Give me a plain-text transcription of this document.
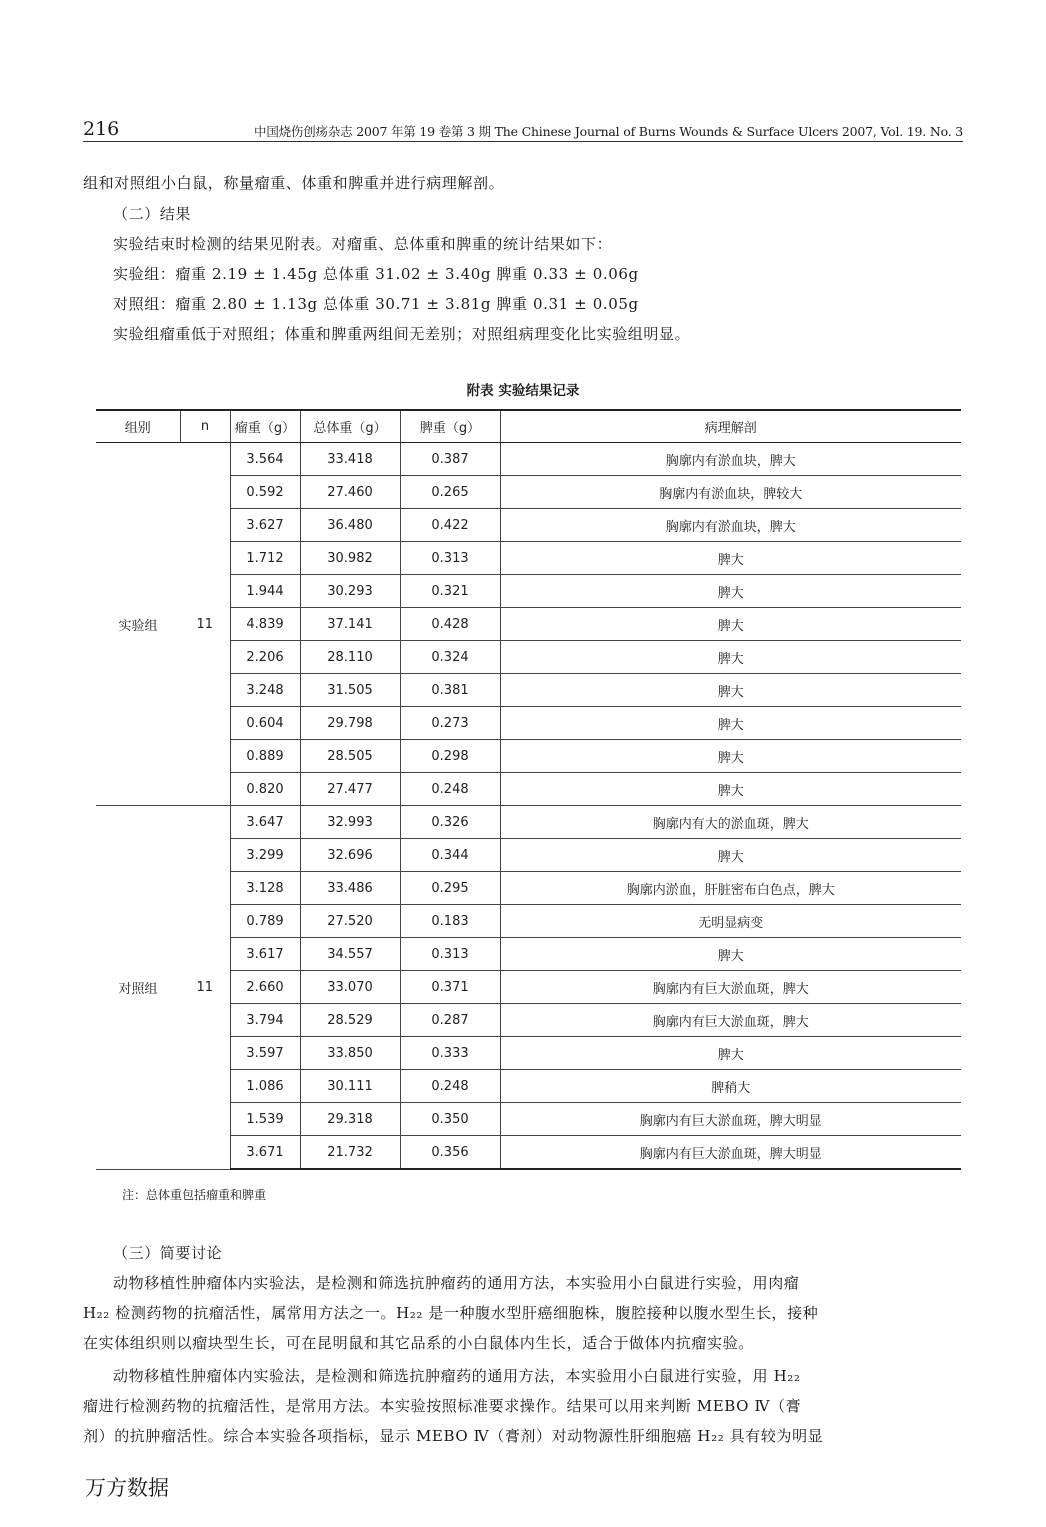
216	中国烧伤创疡杂志 2007 年第 19 卷第 3 期 The Chinese Journal of Burns Wounds & Surface Ulcers 2007, Vol. 19. No. 3
组和对照组小白鼠，称量瘤重、体重和脾重并进行病理解剖。
（二）结果
实验结束时检测的结果见附表。对瘤重、总体重和脾重的统计结果如下：
实验组：瘤重 2.19 ± 1.45g 总体重 31.02 ± 3.40g 脾重 0.33 ± 0.06g
对照组：瘤重 2.80 ± 1.13g 总体重 30.71 ± 3.81g 脾重 0.31 ± 0.05g
实验组瘤重低于对照组；体重和脾重两组间无差别；对照组病理变化比实验组明显。
附表 实验结果记录
组别	n	瘤重（g）	总体重（g）	脾重（g）	病理解剖
实验组	11	3.564	33.418	0.387	胸廓内有淤血块，脾大
		0.592	27.460	0.265	胸廓内有淤血块，脾较大
		3.627	36.480	0.422	胸廓内有淤血块，脾大
		1.712	30.982	0.313	脾大
		1.944	30.293	0.321	脾大
		4.839	37.141	0.428	脾大
		2.206	28.110	0.324	脾大
		3.248	31.505	0.381	脾大
		0.604	29.798	0.273	脾大
		0.889	28.505	0.298	脾大
		0.820	27.477	0.248	脾大
对照组	11	3.647	32.993	0.326	胸廓内有大的淤血斑，脾大
		3.299	32.696	0.344	脾大
		3.128	33.486	0.295	胸廓内淤血，肝脏密布白色点，脾大
		0.789	27.520	0.183	无明显病变
		3.617	34.557	0.313	脾大
		2.660	33.070	0.371	胸廓内有巨大淤血斑，脾大
		3.794	28.529	0.287	胸廓内有巨大淤血斑，脾大
		3.597	33.850	0.333	脾大
		1.086	30.111	0.248	脾稍大
		1.539	29.318	0.350	胸廓内有巨大淤血斑，脾大明显
		3.671	21.732	0.356	胸廓内有巨大淤血斑，脾大明显
注：总体重包括瘤重和脾重
（三）简要讨论
动物移植性肿瘤体内实验法，是检测和筛选抗肿瘤药的通用方法，本实验用小白鼠进行实验，用肉瘤
H₂₂ 检测药物的抗瘤活性，属常用方法之一。H₂₂ 是一种腹水型肝癌细胞株，腹腔接种以腹水型生长，接种
在实体组织则以瘤块型生长，可在昆明鼠和其它品系的小白鼠体内生长，适合于做体内抗瘤实验。
动物移植性肿瘤体内实验法，是检测和筛选抗肿瘤药的通用方法，本实验用小白鼠进行实验，用 H₂₂
瘤进行检测药物的抗瘤活性，是常用方法。本实验按照标准要求操作。结果可以用来判断 MEBO Ⅳ（膏
剂）的抗肿瘤活性。综合本实验各项指标，显示 MEBO Ⅳ（膏剂）对动物源性肝细胞癌 H₂₂ 具有较为明显
万方数据
